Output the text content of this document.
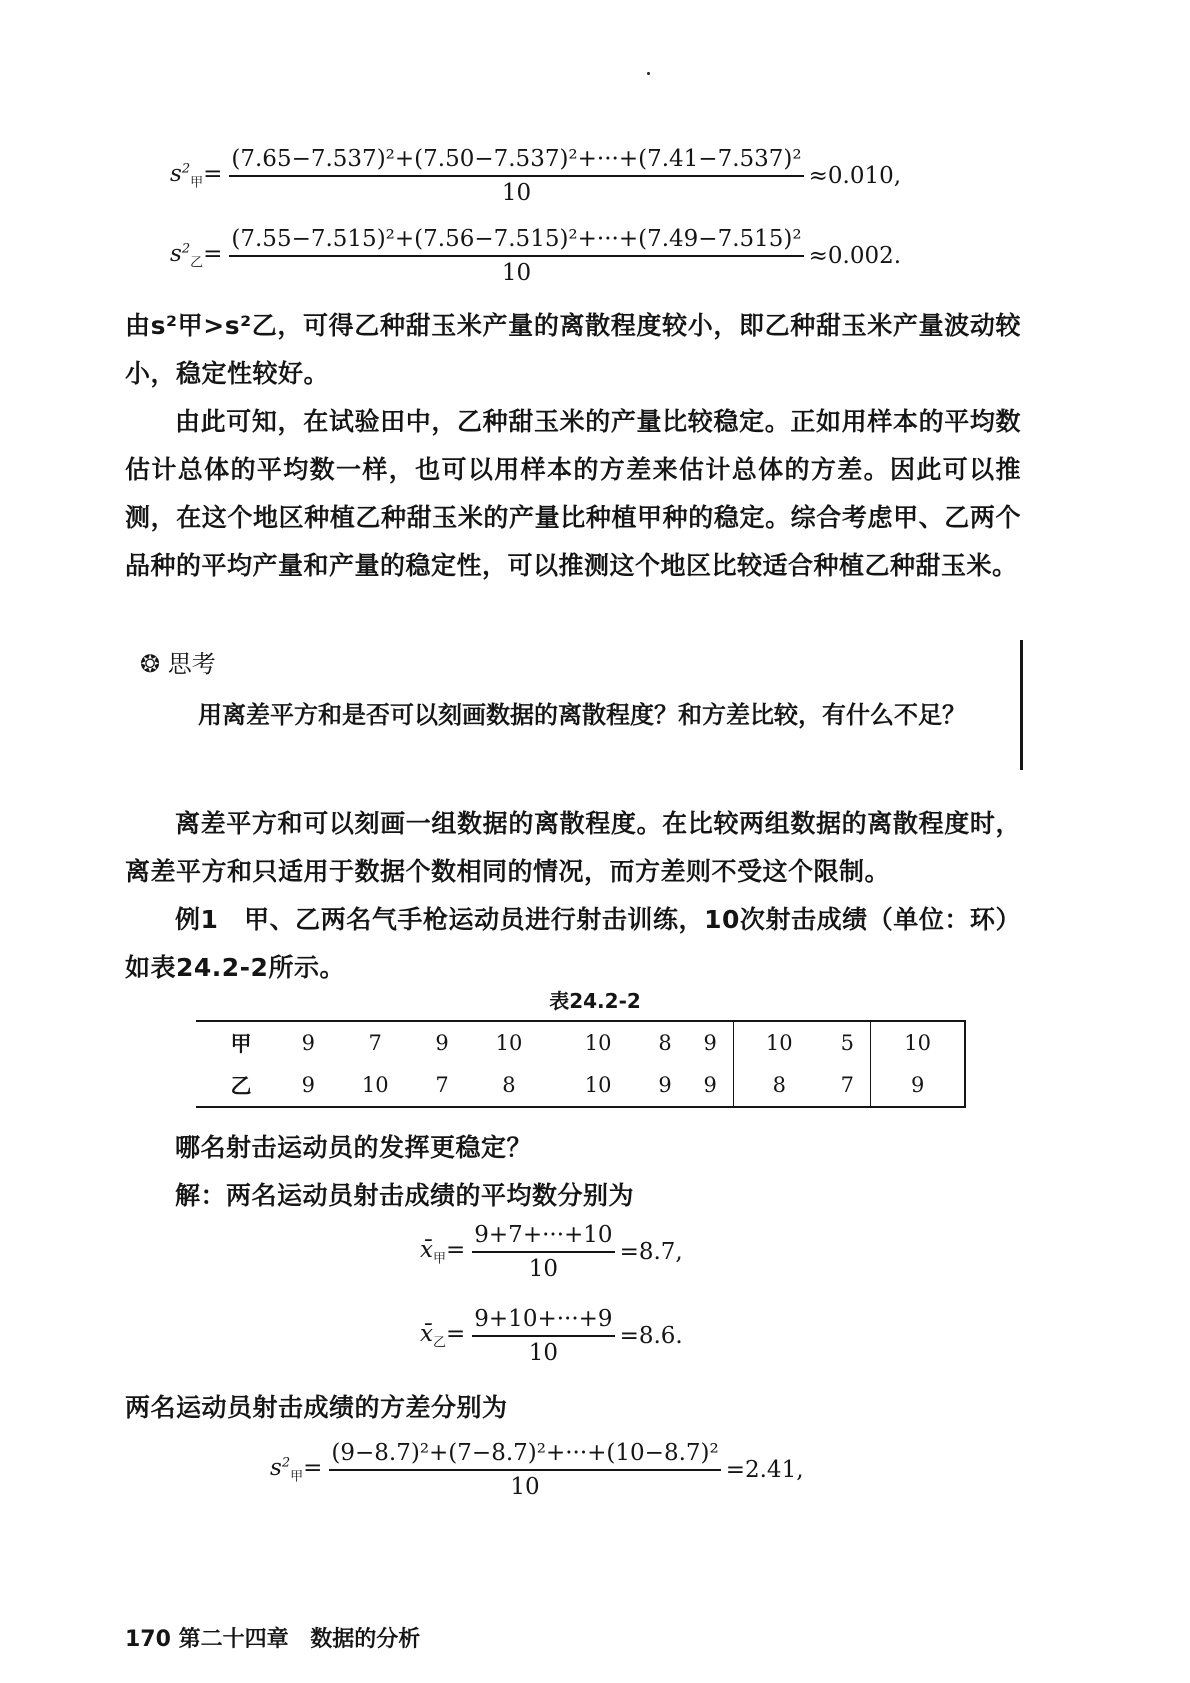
$s^2_甲= \frac{\text{(7.65−7.537)²+(7.50−7.537)²+···+(7.41−7.537)²}}{10} \approx 0.010$,
$s^2_乙= \frac{\text{(7.55−7.515)²+(7.56−7.515)²+···+(7.49−7.515)²}}{10} \approx 0.002$.
由s²甲>s²乙，可得乙种甜玉米产量的离散程度较小，即乙种甜玉米产量波动较小，稳定性较好。
由此可知，在试验田中，乙种甜玉米的产量比较稳定。正如用样本的平均数估计总体的平均数一样，也可以用样本的方差来估计总体的方差。因此可以推测，在这个地区种植乙种甜玉米的产量比种植甲种的稳定。综合考虑甲、乙两个品种的平均产量和产量的稳定性，可以推测这个地区比较适合种植乙种甜玉米。
❂ 思考
用离差平方和是否可以刻画数据的离散程度？和方差比较，有什么不足？
离差平方和可以刻画一组数据的离散程度。在比较两组数据的离散程度时，离差平方和只适用于数据个数相同的情况，而方差则不受这个限制。
例1　甲、乙两名气手枪运动员进行射击训练，10次射击成绩（单位：环）如表24.2-2所示。
表24.2-2
甲	9	7	9	10	10	8	9	10	5	10
乙	9	10	7	8	10	9	9	8	7	9
哪名射击运动员的发挥更稳定？
解：两名运动员射击成绩的平均数分别为
$x̄_甲= \frac{9+7+\cdot\cdot\cdot+10}{10} =8.7$,
$x̄_乙= \frac{9+10+\cdot\cdot\cdot+9}{10} =8.6$.
两名运动员射击成绩的方差分别为
$s^2_甲= \frac{\text{(9−8.7)²+(7−8.7)²+···+(10−8.7)²}}{10} =2.41$,
170 第二十四章 数据的分析
